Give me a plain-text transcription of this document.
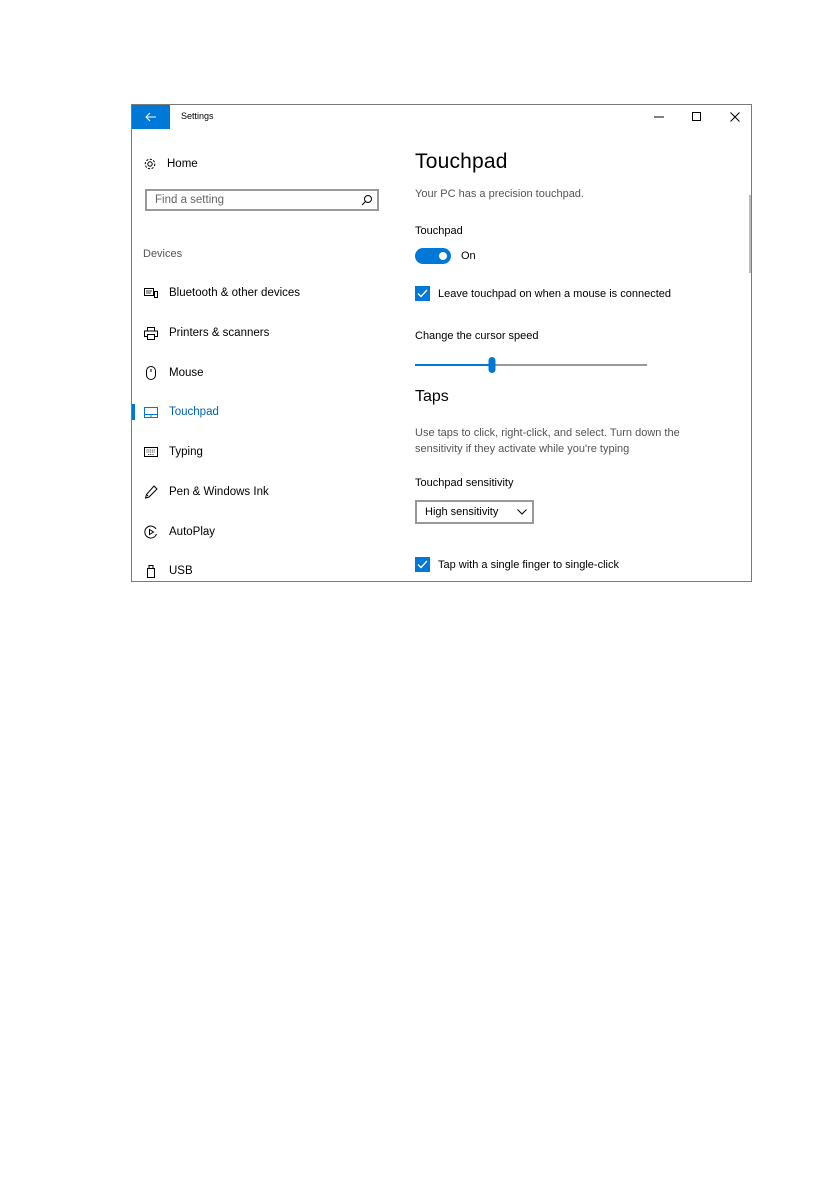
Settings
Home
Find a setting
Devices
Bluetooth & other devices
Printers & scanners
Mouse
Touchpad
Typing
Pen & Windows Ink
AutoPlay
USB
Touchpad
Your PC has a precision touchpad.
Touchpad
On
Leave touchpad on when a mouse is connected
Change the cursor speed
Taps
Use taps to click, right-click, and select. Turn down the sensitivity if they activate while you're typing
Touchpad sensitivity
High sensitivity
Tap with a single finger to single-click
